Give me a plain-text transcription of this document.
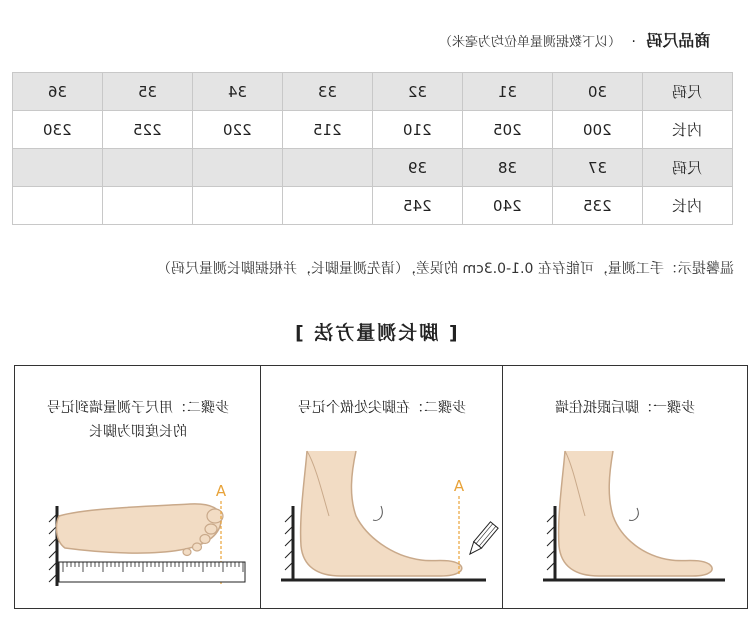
商品尺码 · （以下数据测量单位均为毫米）
36	35	34	33	32	31	30	尺码
230	225	220	215	210	205	200	内长
				39	38	37	尺码
				245	240	235	内长
温馨提示：手工测量，可能存在 0.1-0.3cm 的误差，（请先测量脚长，并根据脚长测量尺码）
[ 脚长测量方法 ]
步骤二：用尺子测量墙到记号
的长度即为脚长
A
步骤二：在脚尖处做个记号
A
步骤一：脚后跟抵住墙
